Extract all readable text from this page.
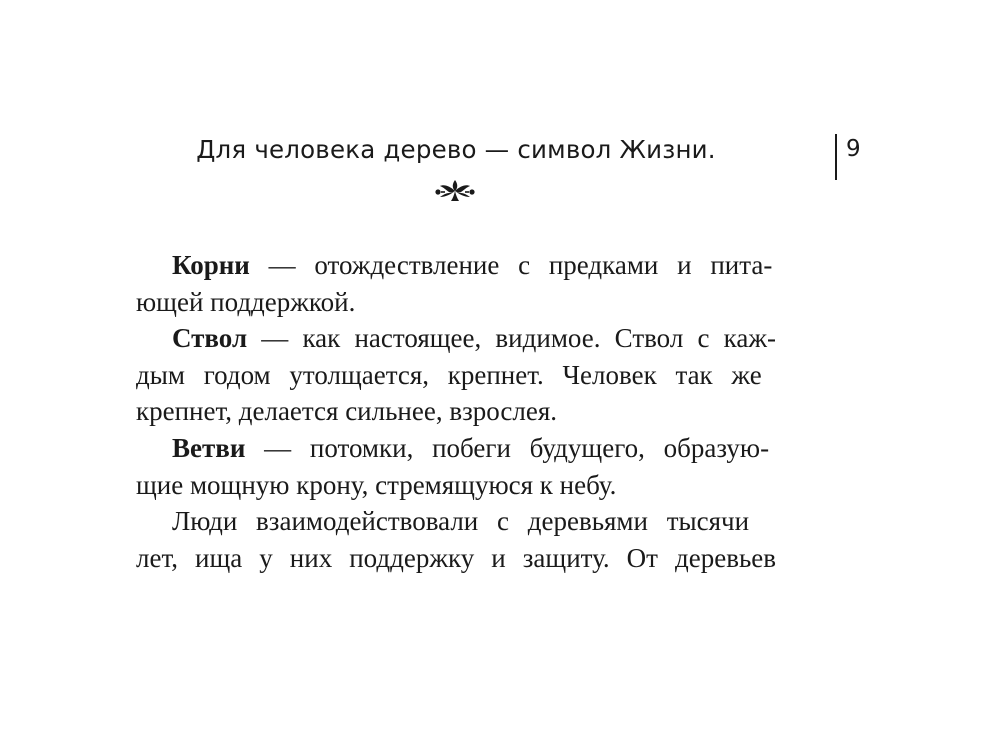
Для человека дерево — символ Жизни.	9

Корни — отождествление с предками и пита-
ющей поддержкой.

Ствол — как настоящее, видимое. Ствол с каж-
дым годом утолщается, крепнет. Человек так же
крепнет, делается сильнее, взрослея.

Ветви — потомки, побеги будущего, образую-
щие мощную крону, стремящуюся к небу.

Люди взаимодействовали с деревьями тысячи
лет, ища у них поддержку и защиту. От деревьев
